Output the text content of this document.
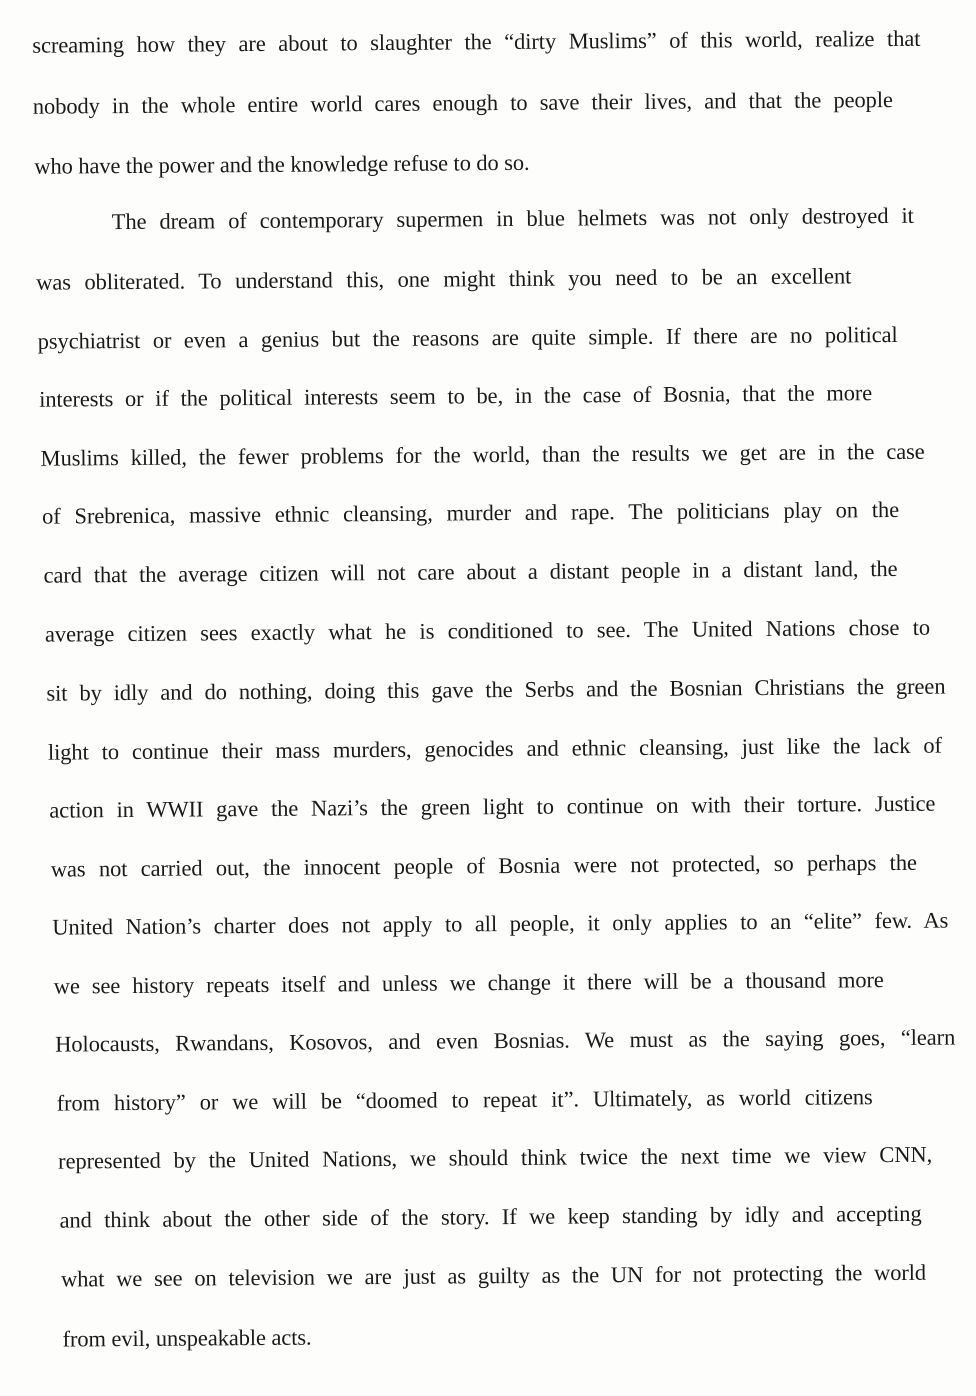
screaming how they are about to slaughter the “dirty Muslims” of this world, realize that
nobody in the whole entire world cares enough to save their lives, and that the people
who have the power and the knowledge refuse to do so.
The dream of contemporary supermen in blue helmets was not only destroyed it
was obliterated. To understand this, one might think you need to be an excellent
psychiatrist or even a genius but the reasons are quite simple. If there are no political
interests or if the political interests seem to be, in the case of Bosnia, that the more
Muslims killed, the fewer problems for the world, than the results we get are in the case
of Srebrenica, massive ethnic cleansing, murder and rape. The politicians play on the
card that the average citizen will not care about a distant people in a distant land, the
average citizen sees exactly what he is conditioned to see. The United Nations chose to
sit by idly and do nothing, doing this gave the Serbs and the Bosnian Christians the green
light to continue their mass murders, genocides and ethnic cleansing, just like the lack of
action in WWII gave the Nazi’s the green light to continue on with their torture. Justice
was not carried out, the innocent people of Bosnia were not protected, so perhaps the
United Nation’s charter does not apply to all people, it only applies to an “elite” few. As
we see history repeats itself and unless we change it there will be a thousand more
Holocausts, Rwandans, Kosovos, and even Bosnias. We must as the saying goes, “learn
from history” or we will be “doomed to repeat it”. Ultimately, as world citizens
represented by the United Nations, we should think twice the next time we view CNN,
and think about the other side of the story. If we keep standing by idly and accepting
what we see on television we are just as guilty as the UN for not protecting the world
from evil, unspeakable acts.
